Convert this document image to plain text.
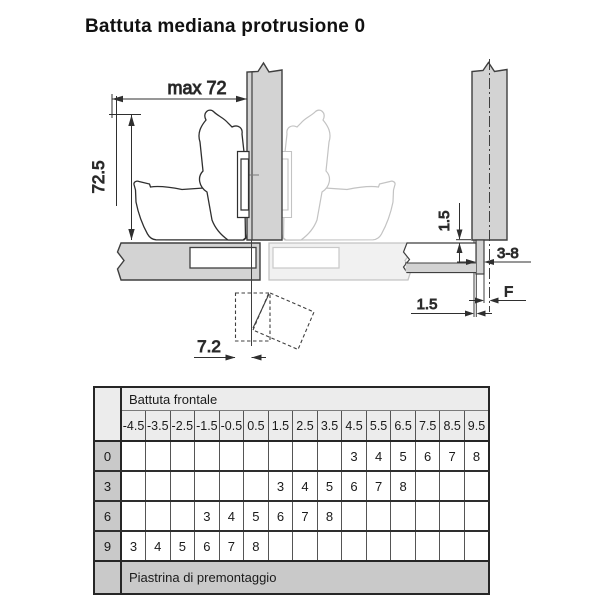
Battuta mediana protrusione 0
max 72
72.5
7.2
1.5
3-8
F
1.5
	Battuta frontale														
	-4.5	-3.5	-2.5	-1.5	-0.5	0.5	1.5	2.5	3.5	4.5	5.5	6.5	7.5	8.5	9.5
0										3	4	5	6	7	8
3							3	4	5	6	7	8			
6				3	4	5	6	7	8						
9	3	4	5	6	7	8									
	Piastrina di premontaggio														
